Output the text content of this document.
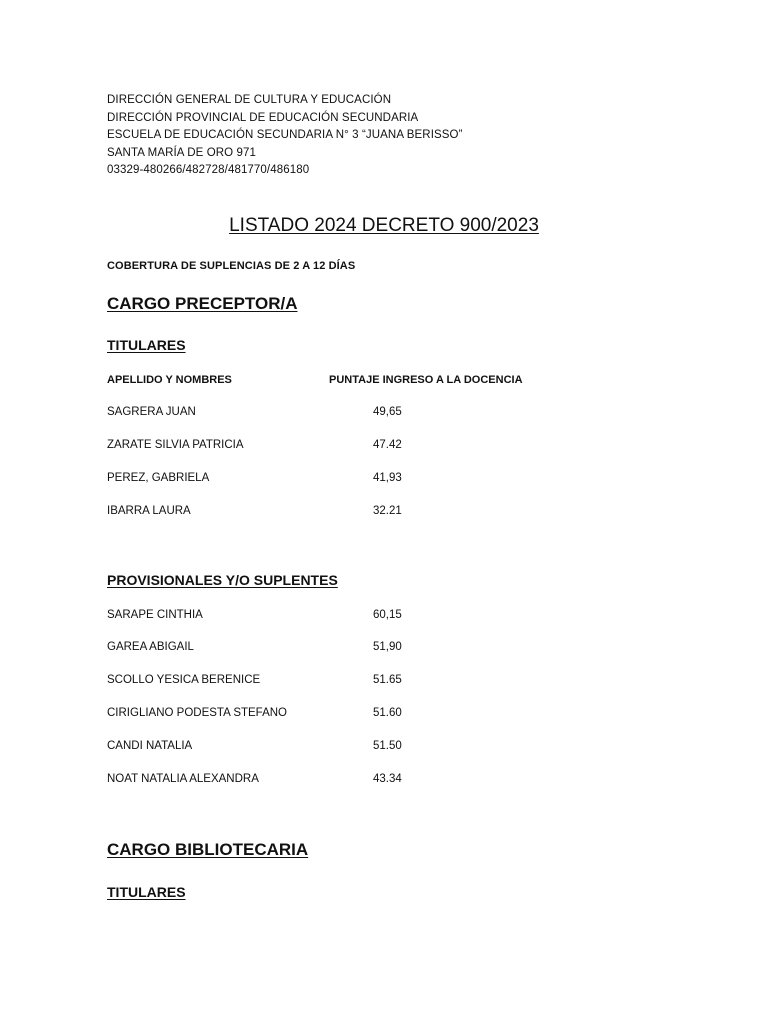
DIRECCIÓN GENERAL DE CULTURA Y EDUCACIÓN
DIRECCIÓN PROVINCIAL DE EDUCACIÓN SECUNDARIA
ESCUELA DE EDUCACIÓN SECUNDARIA N° 3 “JUANA BERISSO”
SANTA MARÍA DE ORO 971
03329-480266/482728/481770/486180
LISTADO 2024 DECRETO 900/2023
COBERTURA DE SUPLENCIAS DE 2 A 12 DÍAS
CARGO PRECEPTOR/A
TITULARES
APELLIDO Y NOMBRES	PUNTAJE INGRESO A LA DOCENCIA
SAGRERA JUAN	49,65
ZARATE SILVIA PATRICIA	47.42
PEREZ, GABRIELA	41,93
IBARRA LAURA	32.21
PROVISIONALES Y/O SUPLENTES
SARAPE CINTHIA	60,15
GAREA ABIGAIL	51,90
SCOLLO YESICA BERENICE	51.65
CIRIGLIANO PODESTA STEFANO	51.60
CANDI NATALIA	51.50
NOAT NATALIA ALEXANDRA	43.34
CARGO BIBLIOTECARIA
TITULARES
